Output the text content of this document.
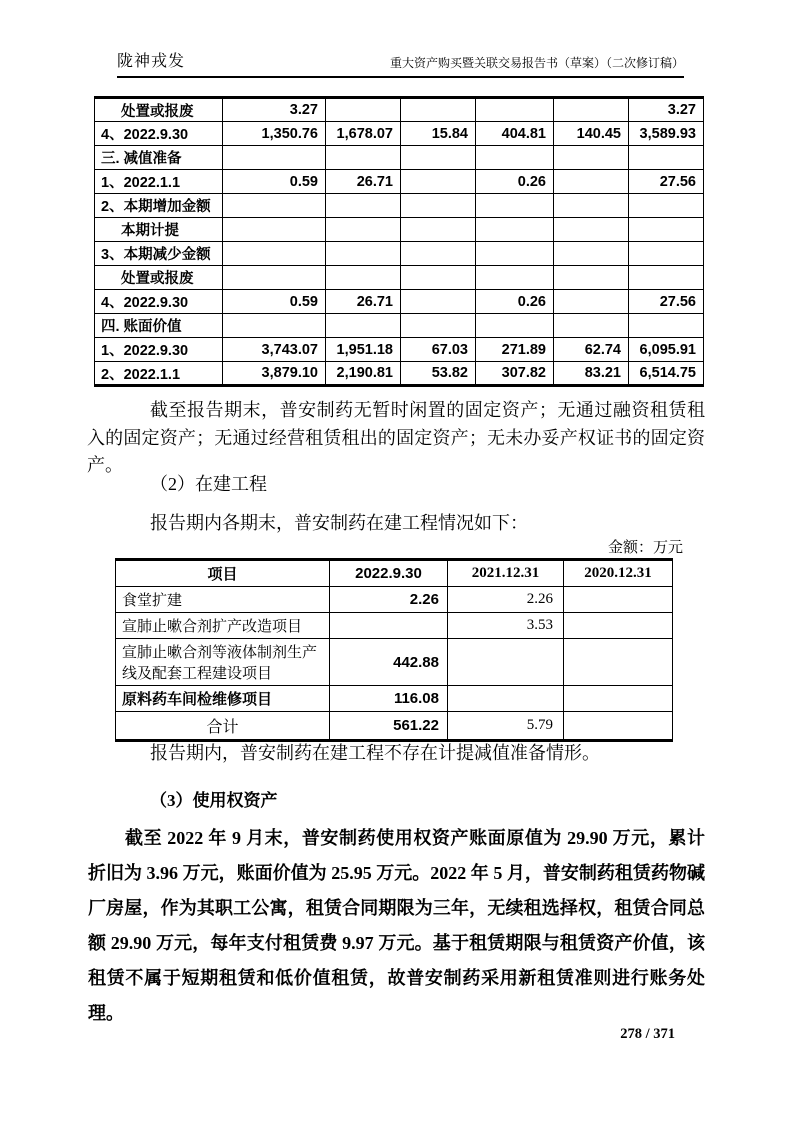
陇神戎发	重大资产购买暨关联交易报告书（草案）（二次修订稿）
处置或报废	3.27					3.27
4、2022.9.30	1,350.76	1,678.07	15.84	404.81	140.45	3,589.93
三. 减值准备						
1、2022.1.1	0.59	26.71		0.26		27.56
2、本期增加金额						
本期计提						
3、本期减少金额						
处置或报废						
4、2022.9.30	0.59	26.71		0.26		27.56
四. 账面价值						
1、2022.9.30	3,743.07	1,951.18	67.03	271.89	62.74	6,095.91
2、2022.1.1	3,879.10	2,190.81	53.82	307.82	83.21	6,514.75
截至报告期末，普安制药无暂时闲置的固定资产；无通过融资租赁租入的固定资产；无通过经营租赁租出的固定资产；无未办妥产权证书的固定资产。
（2）在建工程
报告期内各期末，普安制药在建工程情况如下：
金额：万元
项目	2022.9.30	2021.12.31	2020.12.31
食堂扩建	2.26	2.26	
宣肺止嗽合剂扩产改造项目		3.53	
宣肺止嗽合剂等液体制剂生产线及配套工程建设项目	442.88		
原料药车间检维修项目	116.08		
合计	561.22	5.79	
报告期内，普安制药在建工程不存在计提减值准备情形。
（3）使用权资产
截至 2022 年 9 月末，普安制药使用权资产账面原值为 29.90 万元，累计折旧为 3.96 万元，账面价值为 25.95 万元。2022 年 5 月，普安制药租赁药物碱厂房屋，作为其职工公寓，租赁合同期限为三年，无续租选择权，租赁合同总额 29.90 万元，每年支付租赁费 9.97 万元。基于租赁期限与租赁资产价值，该租赁不属于短期租赁和低价值租赁，故普安制药采用新租赁准则进行账务处理。
278 / 371
